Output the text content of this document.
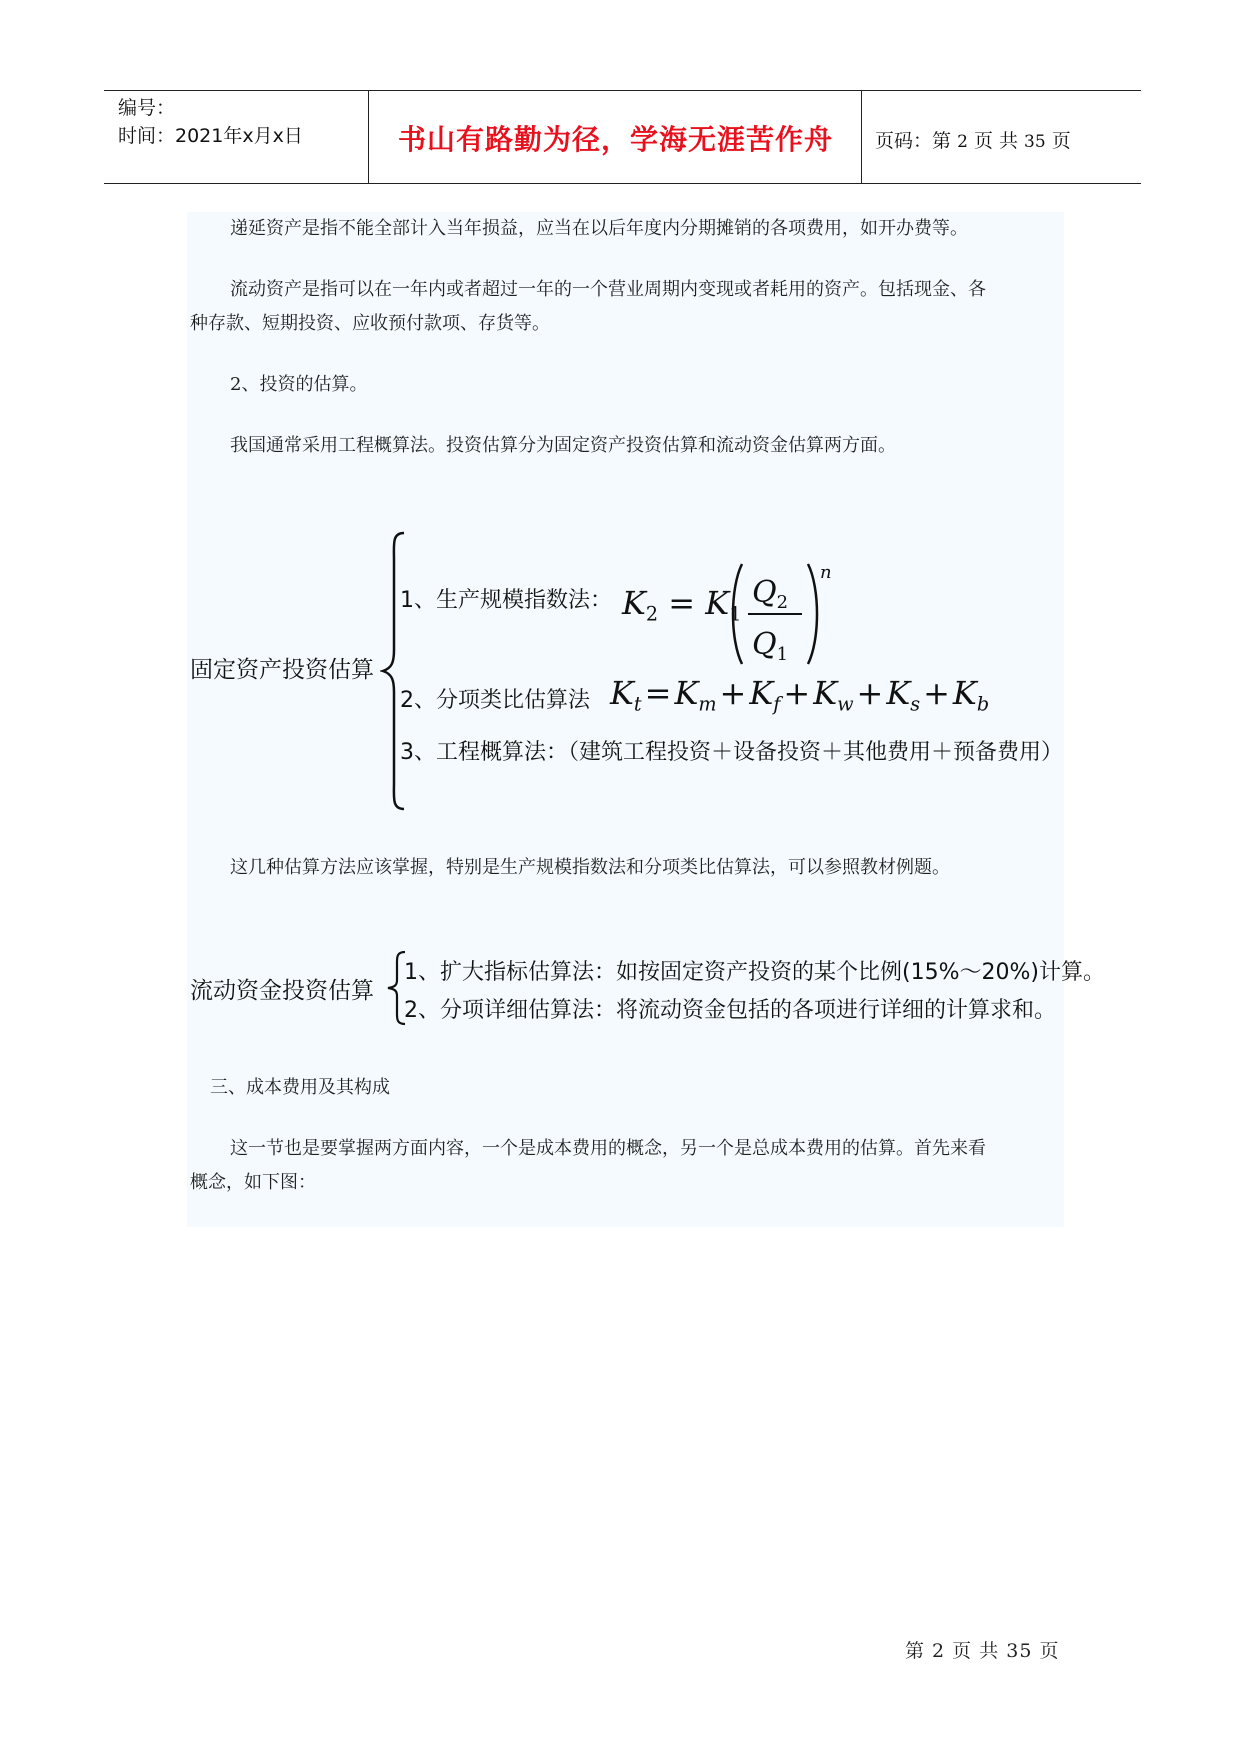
编号：
时间：2021年x月x日	书山有路勤为径，学海无涯苦作舟	页码：第 2 页 共 35 页
递延资产是指不能全部计入当年损益，应当在以后年度内分期摊销的各项费用，如开办费等。
流动资产是指可以在一年内或者超过一年的一个营业周期内变现或者耗用的资产。包括现金、各
种存款、短期投资、应收预付款项、存货等。
2、投资的估算。
我国通常采用工程概算法。投资估算分为固定资产投资估算和流动资金估算两方面。
固定资产投资估算
1、生产规模指数法： $K_2 = K_1$
$Q_2$
$Q_1$
n
2、分项类比估算法 $K_t=K_m+K_f+K_w+K_s+K_b$
3、工程概算法：（建筑工程投资＋设备投资＋其他费用＋预备费用）
这几种估算方法应该掌握，特别是生产规模指数法和分项类比估算法，可以参照教材例题。
流动资金投资估算
1、扩大指标估算法：如按固定资产投资的某个比例(15%～20%)计算。
2、分项详细估算法：将流动资金包括的各项进行详细的计算求和。
三、成本费用及其构成
这一节也是要掌握两方面内容，一个是成本费用的概念，另一个是总成本费用的估算。首先来看
概念，如下图：
第 2 页 共 35 页
